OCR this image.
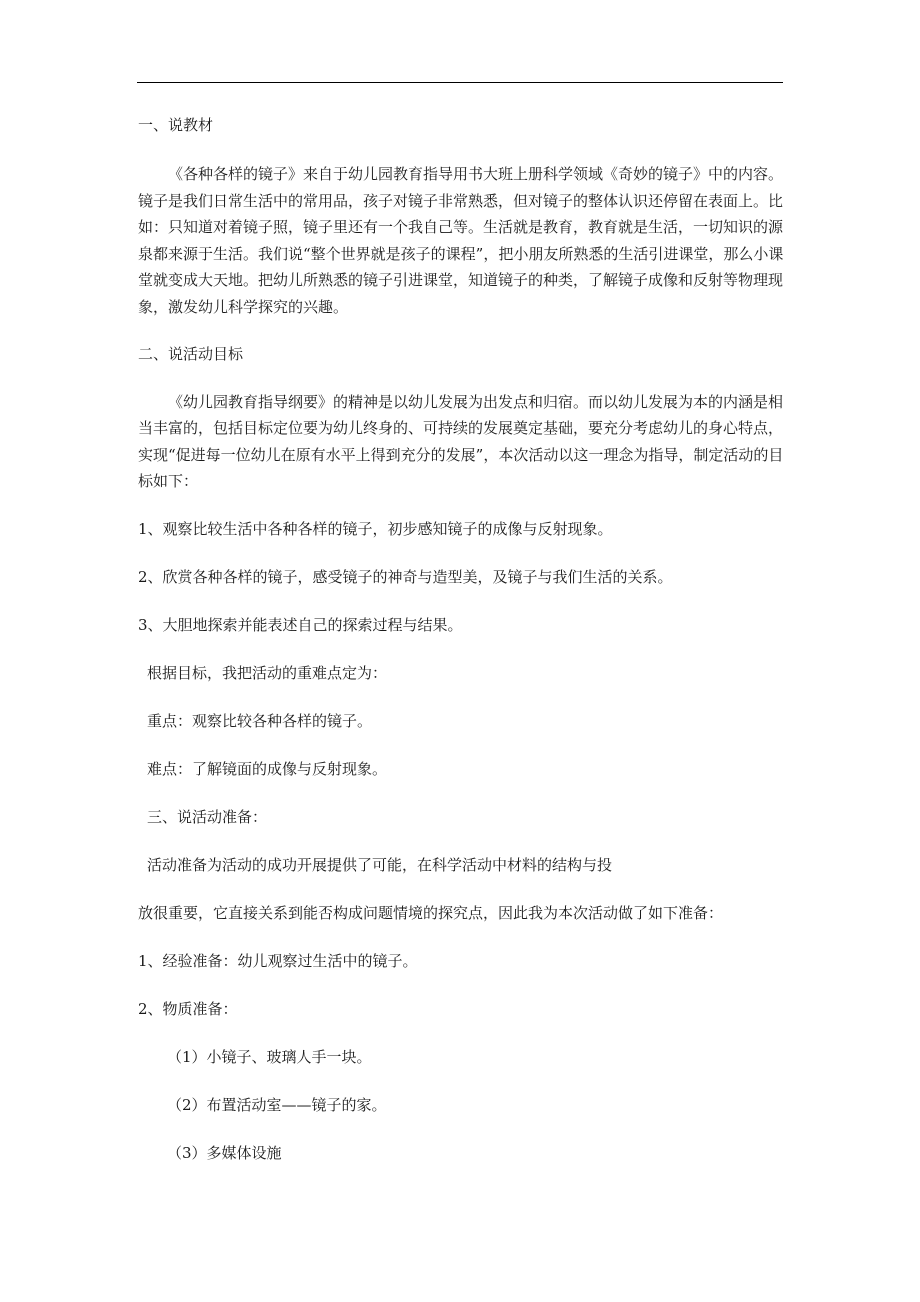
一、说教材

《各种各样的镜子》来自于幼儿园教育指导用书大班上册科学领域《奇妙的镜子》中的内容。镜子是我们日常生活中的常用品，孩子对镜子非常熟悉，但对镜子的整体认识还停留在表面上。比如：只知道对着镜子照，镜子里还有一个我自己等。生活就是教育，教育就是生活，一切知识的源泉都来源于生活。我们说“整个世界就是孩子的课程”，把小朋友所熟悉的生活引进课堂，那么小课堂就变成大天地。把幼儿所熟悉的镜子引进课堂，知道镜子的种类，了解镜子成像和反射等物理现象，激发幼儿科学探究的兴趣。

二、说活动目标

《幼儿园教育指导纲要》的精神是以幼儿发展为出发点和归宿。而以幼儿发展为本的内涵是相当丰富的，包括目标定位要为幼儿终身的、可持续的发展奠定基础，要充分考虑幼儿的身心特点，实现“促进每一位幼儿在原有水平上得到充分的发展”，本次活动以这一理念为指导，制定活动的目标如下：

1、观察比较生活中各种各样的镜子，初步感知镜子的成像与反射现象。

2、欣赏各种各样的镜子，感受镜子的神奇与造型美，及镜子与我们生活的关系。

3、大胆地探索并能表述自己的探索过程与结果。

根据目标，我把活动的重难点定为：

重点：观察比较各种各样的镜子。

难点：了解镜面的成像与反射现象。

三、说活动准备：

活动准备为活动的成功开展提供了可能，在科学活动中材料的结构与投

放很重要，它直接关系到能否构成问题情境的探究点，因此我为本次活动做了如下准备：

1、经验准备：幼儿观察过生活中的镜子。

2、物质准备：

（1）小镜子、玻璃人手一块。

（2）布置活动室——镜子的家。

（3）多媒体设施
